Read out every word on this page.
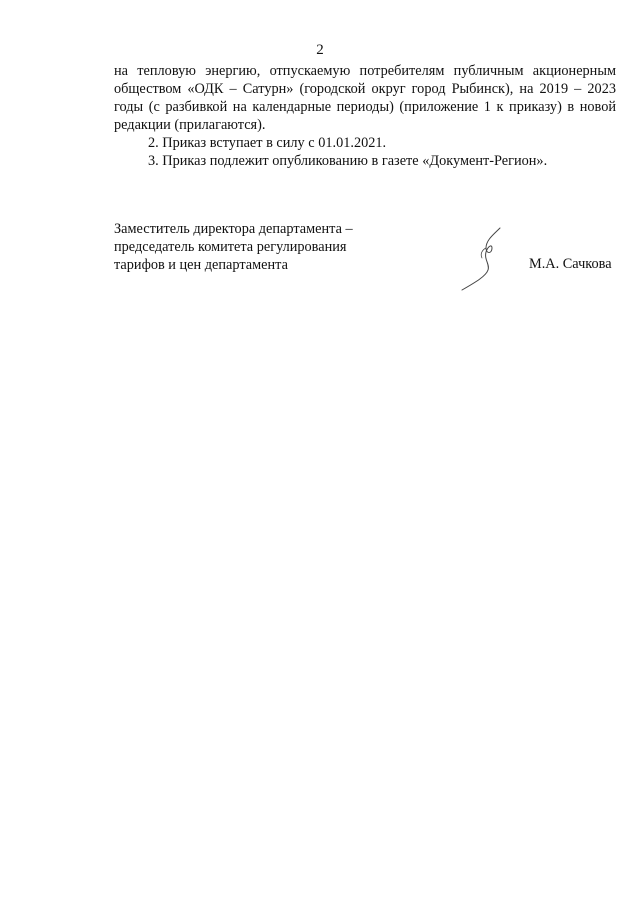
2

на тепловую энергию, отпускаемую потребителям публичным акционерным обществом «ОДК – Сатурн» (городской округ город Рыбинск), на 2019 – 2023 годы (с разбивкой на календарные периоды) (приложение 1 к приказу) в новой редакции (прилагаются).

2. Приказ вступает в силу с 01.01.2021.

3. Приказ подлежит опубликованию в газете «Документ-Регион».

Заместитель директора департамента –
председатель комитета регулирования
тарифов и цен департамента	М.А. Сачкова
